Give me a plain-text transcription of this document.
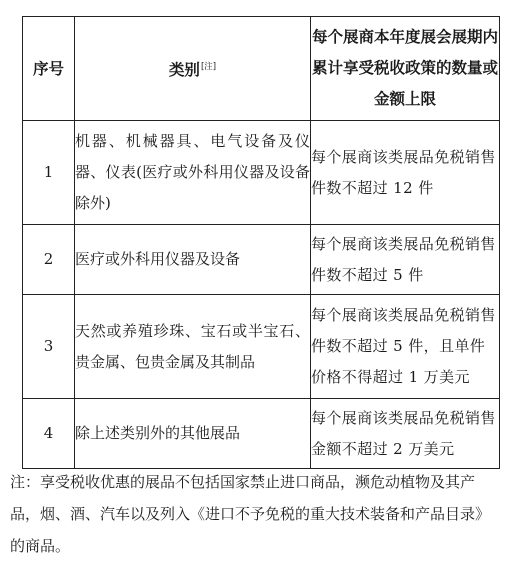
序号	类别[注]	每个展商本年度展会展期内累计享受税收政策的数量或金额上限
1	机器、机械器具、电气设备及仪器、仪表(医疗或外科用仪器及设备除外)	每个展商该类展品免税销售件数不超过 12 件
2	医疗或外科用仪器及设备	每个展商该类展品免税销售件数不超过 5 件
3	天然或养殖珍珠、宝石或半宝石、贵金属、包贵金属及其制品	每个展商该类展品免税销售件数不超过 5 件，且单件价格不得超过 1 万美元
4	除上述类别外的其他展品	每个展商该类展品免税销售金额不超过 2 万美元
注：享受税收优惠的展品不包括国家禁止进口商品，濒危动植物及其产品，烟、酒、汽车以及列入《进口不予免税的重大技术装备和产品目录》的商品。
